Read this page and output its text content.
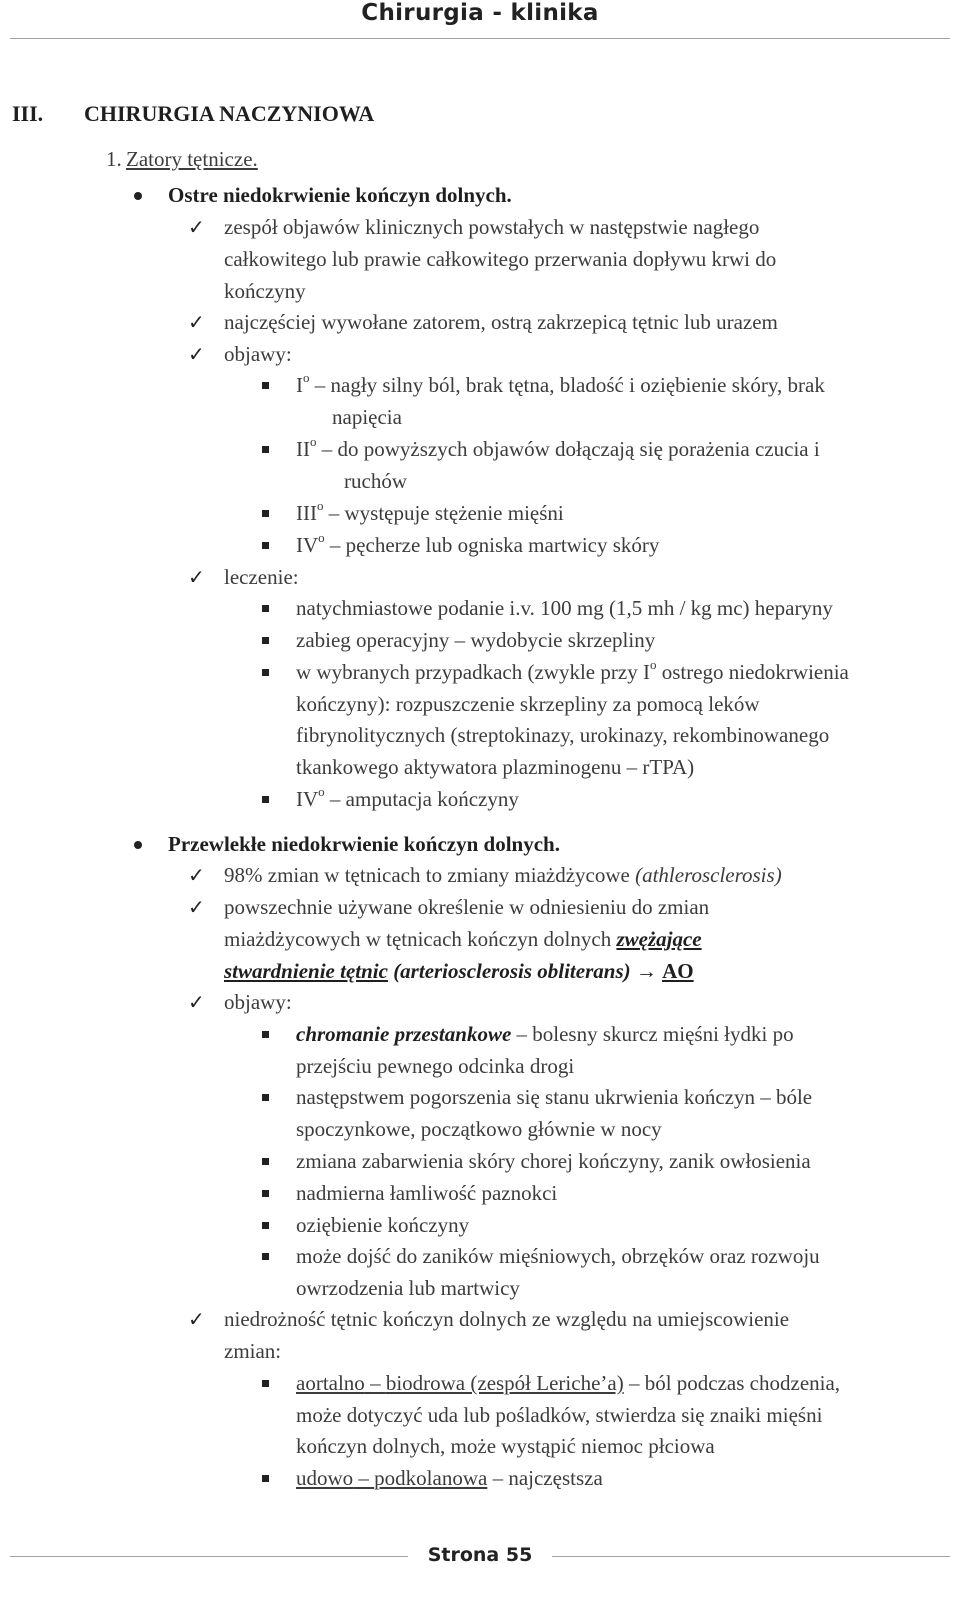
Chirurgia - klinika
III. CHIRURGIA NACZYNIOWA
1. Zatory tętnicze.
Ostre niedokrwienie kończyn dolnych.
✓ zespół objawów klinicznych powstałych w następstwie nagłego
całkowitego lub prawie całkowitego przerwania dopływu krwi do
kończyny
✓ najczęściej wywołane zatorem, ostrą zakrzepicą tętnic lub urazem
✓ objawy:
$I^o$ – nagły silny ból, brak tętna, bladość i oziębienie skóry, brak
napięcia
$II^o$ – do powyższych objawów dołączają się porażenia czucia i
ruchów
III$^o$ – występuje stężenie mięśni
$IV^o$ – pęcherze lub ogniska martwicy skóry
✓ leczenie:
natychmiastowe podanie i.v. 100 mg (1,5 mh / kg mc) heparyny
zabieg operacyjny – wydobycie skrzepliny
w wybranych przypadkach (zwykle przy $I^o$ ostrego niedokrwienia
kończyny): rozpuszczenie skrzepliny za pomocą leków
fibrynolitycznych (streptokinazy, urokinazy, rekombinowanego
tkankowego aktywatora plazminogenu – rTPA)
$IV^o$ – amputacja kończyny
Przewlekłe niedokrwienie kończyn dolnych.
✓ 98% zmian w tętnicach to zmiany miażdżycowe (athlerosclerosis)
✓ powszechnie używane określenie w odniesieniu do zmian
miażdżycowych w tętnicach kończyn dolnych zwężające
stwardnienie tętnic (arteriosclerosis obliterans) → AO
✓ objawy:
chromanie przestankowe – bolesny skurcz mięśni łydki po
przejściu pewnego odcinka drogi
następstwem pogorszenia się stanu ukrwienia kończyn – bóle
spoczynkowe, początkowo głównie w nocy
zmiana zabarwienia skóry chorej kończyny, zanik owłosienia
nadmierna łamliwość paznokci
oziębienie kończyny
może dojść do zaników mięśniowych, obrzęków oraz rozwoju
owrzodzenia lub martwicy
✓ niedrożność tętnic kończyn dolnych ze względu na umiejscowienie
zmian:
aortalno – biodrowa (zespół Leriche’a) – ból podczas chodzenia,
może dotyczyć uda lub pośladków, stwierdza się znaiki mięśni
kończyn dolnych, może wystąpić niemoc płciowa
udowo – podkolanowa – najczęstsza
Strona 55
